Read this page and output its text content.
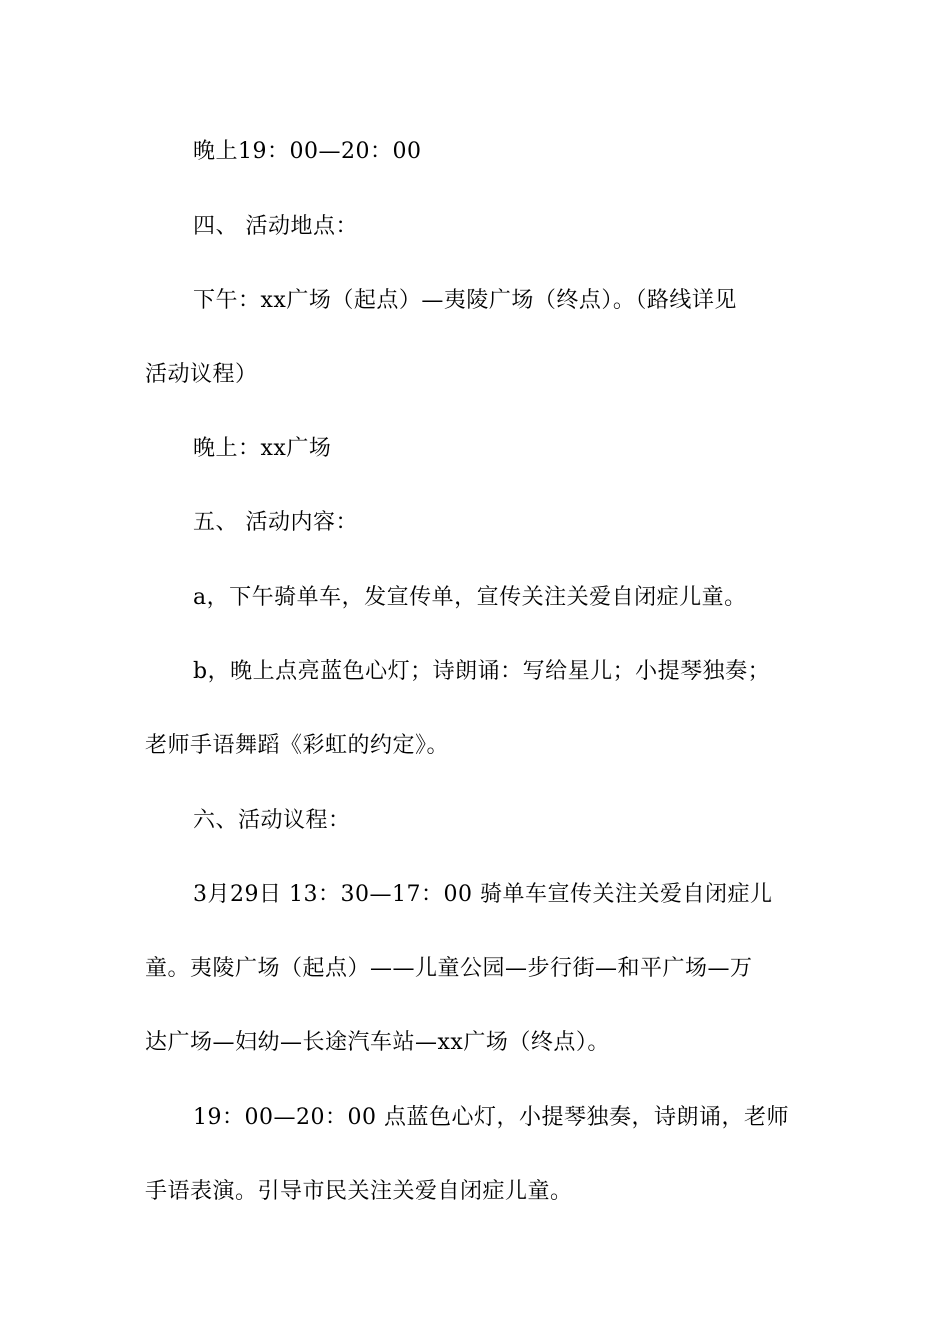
晚上19：00—20：00
四、 活动地点：
下午：xx广场（起点）—夷陵广场（终点）。（路线详见
活动议程）
晚上：xx广场
五、 活动内容：
a，下午骑单车，发宣传单，宣传关注关爱自闭症儿童。
b，晚上点亮蓝色心灯；诗朗诵：写给星儿；小提琴独奏；
老师手语舞蹈《彩虹的约定》。
六、活动议程：
3月29日 13：30—17：00 骑单车宣传关注关爱自闭症儿
童。夷陵广场（起点）——儿童公园—步行街—和平广场—万
达广场—妇幼—长途汽车站—xx广场（终点）。
19：00—20：00 点蓝色心灯，小提琴独奏，诗朗诵，老师
手语表演。引导市民关注关爱自闭症儿童。
